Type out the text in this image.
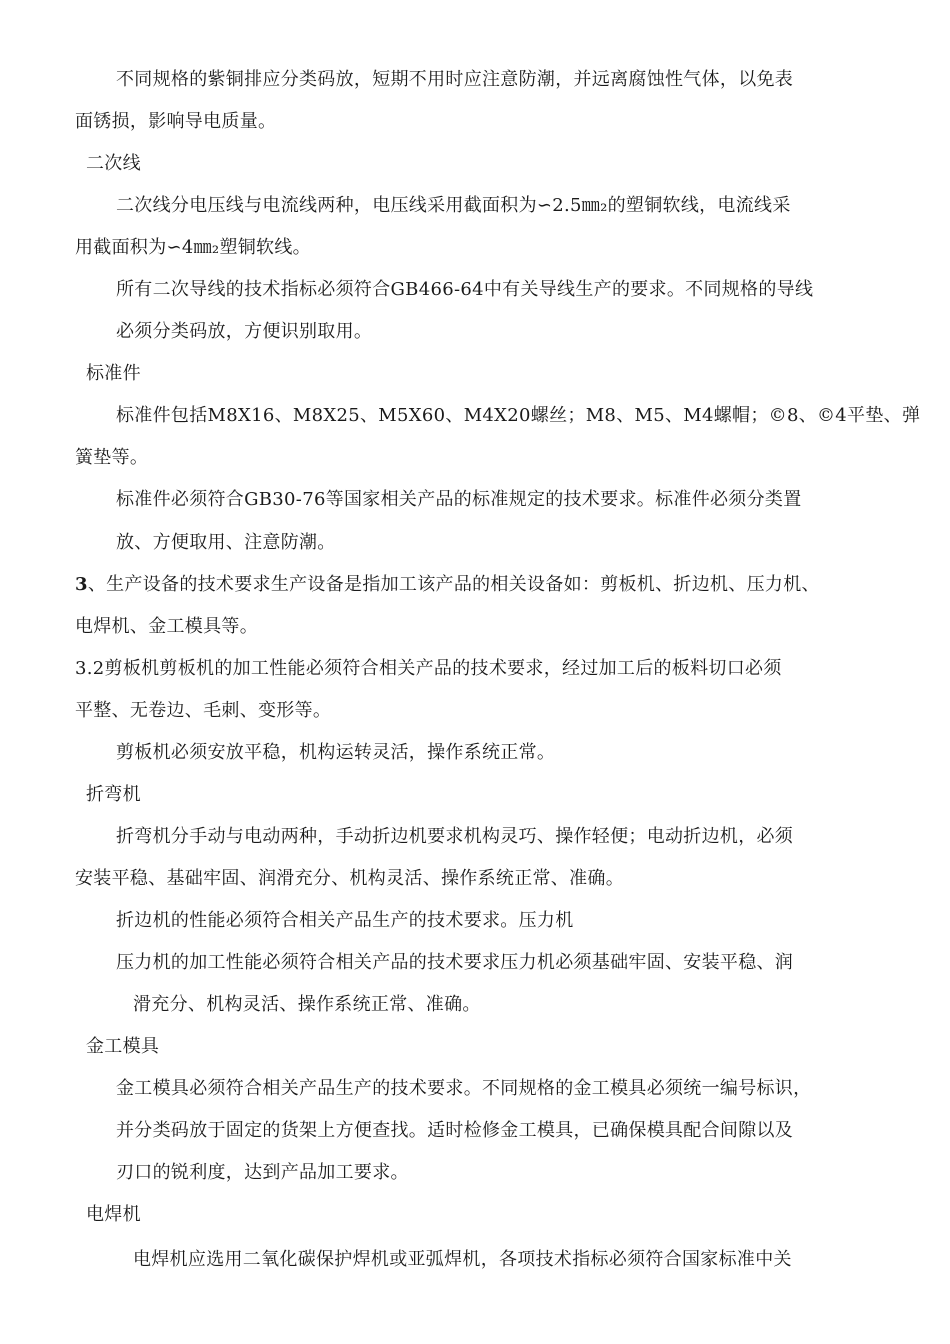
不同规格的紫铜排应分类码放，短期不用时应注意防潮，并远离腐蚀性气体，以免表
面锈损，影响导电质量。
二次线
二次线分电压线与电流线两种，电压线采用截面积为∽2.5㎜₂的塑铜软线，电流线采
用截面积为∽4㎜₂塑铜软线。
所有二次导线的技术指标必须符合GB466-64中有关导线生产的要求。不同规格的导线
必须分类码放，方便识别取用。
标准件
标准件包括M8X16、M8X25、M5X60、M4X20螺丝；M8、M5、M4螺帽；©8、©4平垫、弹
簧垫等。
标准件必须符合GB30-76等国家相关产品的标准规定的技术要求。标准件必须分类置
放、方便取用、注意防潮。
3、生产设备的技术要求生产设备是指加工该产品的相关设备如：剪板机、折边机、压力机、
电焊机、金工模具等。
3.2剪板机剪板机的加工性能必须符合相关产品的技术要求，经过加工后的板料切口必须
平整、无卷边、毛刺、变形等。
剪板机必须安放平稳，机构运转灵活，操作系统正常。
折弯机
折弯机分手动与电动两种，手动折边机要求机构灵巧、操作轻便；电动折边机，必须
安装平稳、基础牢固、润滑充分、机构灵活、操作系统正常、准确。
折边机的性能必须符合相关产品生产的技术要求。压力机
压力机的加工性能必须符合相关产品的技术要求压力机必须基础牢固、安装平稳、润
滑充分、机构灵活、操作系统正常、准确。
金工模具
金工模具必须符合相关产品生产的技术要求。不同规格的金工模具必须统一编号标识，
并分类码放于固定的货架上方便查找。适时检修金工模具，已确保模具配合间隙以及
刃口的锐利度，达到产品加工要求。
电焊机
电焊机应选用二氧化碳保护焊机或亚弧焊机，各项技术指标必须符合国家标准中关
